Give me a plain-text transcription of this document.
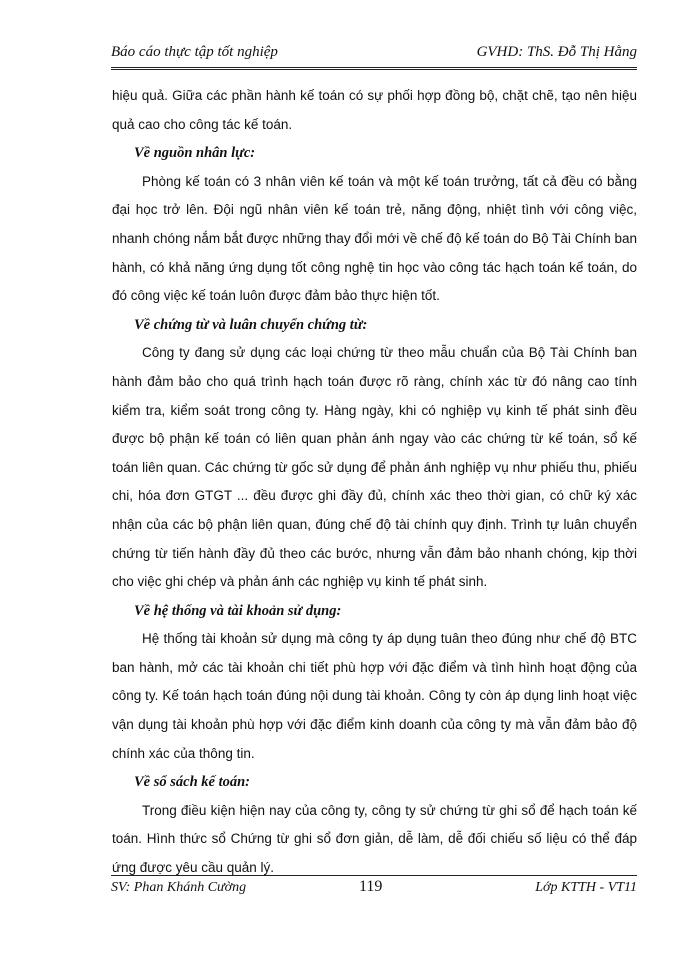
Báo cáo thực tập tốt nghiệp	GVHD: ThS. Đỗ Thị Hằng

hiệu quả. Giữa các phần hành kế toán có sự phối hợp đồng bộ, chặt chẽ, tạo nên hiệu quả cao cho công tác kế toán.

Về nguồn nhân lực:

Phòng kế toán có 3 nhân viên kế toán và một kế toán trưởng, tất cả đều có bằng đại học trở lên. Đội ngũ nhân viên kế toán trẻ, năng động, nhiệt tình với công việc, nhanh chóng nắm bắt được những thay đổi mới về chế độ kế toán do Bộ Tài Chính ban hành, có khả năng ứng dụng tốt công nghệ tin học vào công tác hạch toán kế toán, do đó công việc kế toán luôn được đảm bảo thực hiện tốt.

Về chứng từ và luân chuyển chứng từ:

Công ty đang sử dụng các loại chứng từ theo mẫu chuẩn của Bộ Tài Chính ban hành đảm bảo cho quá trình hạch toán được rõ ràng, chính xác từ đó nâng cao tính kiểm tra, kiểm soát trong công ty. Hàng ngày, khi có nghiệp vụ kinh tế phát sinh đều được bộ phận kế toán có liên quan phản ánh ngay vào các chứng từ kế toán, sổ kế toán liên quan. Các chứng từ gốc sử dụng để phản ánh nghiệp vụ như phiếu thu, phiếu chi, hóa đơn GTGT ... đều được ghi đầy đủ, chính xác theo thời gian, có chữ ký xác nhận của các bộ phận liên quan, đúng chế độ tài chính quy định. Trình tự luân chuyển chứng từ tiến hành đầy đủ theo các bước, nhưng vẫn đảm bảo nhanh chóng, kịp thời cho việc ghi chép và phản ánh các nghiệp vụ kinh tế phát sinh.

Về hệ thống và tài khoản sử dụng:

Hệ thống tài khoản sử dụng mà công ty áp dụng tuân theo đúng như chế độ BTC ban hành, mở các tài khoản chi tiết phù hợp với đặc điểm và tình hình hoạt động của công ty. Kế toán hạch toán đúng nội dung tài khoản. Công ty còn áp dụng linh hoạt việc vận dụng tài khoản phù hợp với đặc điểm kinh doanh của công ty mà vẫn đảm bảo độ chính xác của thông tin.

Về sổ sách kế toán:

Trong điều kiện hiện nay của công ty, công ty sử chứng từ ghi sổ để hạch toán kế toán. Hình thức sổ Chứng từ ghi sổ đơn giản, dễ làm, dễ đối chiếu số liệu có thể đáp ứng được yêu cầu quản lý.

SV: Phan Khánh Cường	119	Lớp KTTH - VT11
